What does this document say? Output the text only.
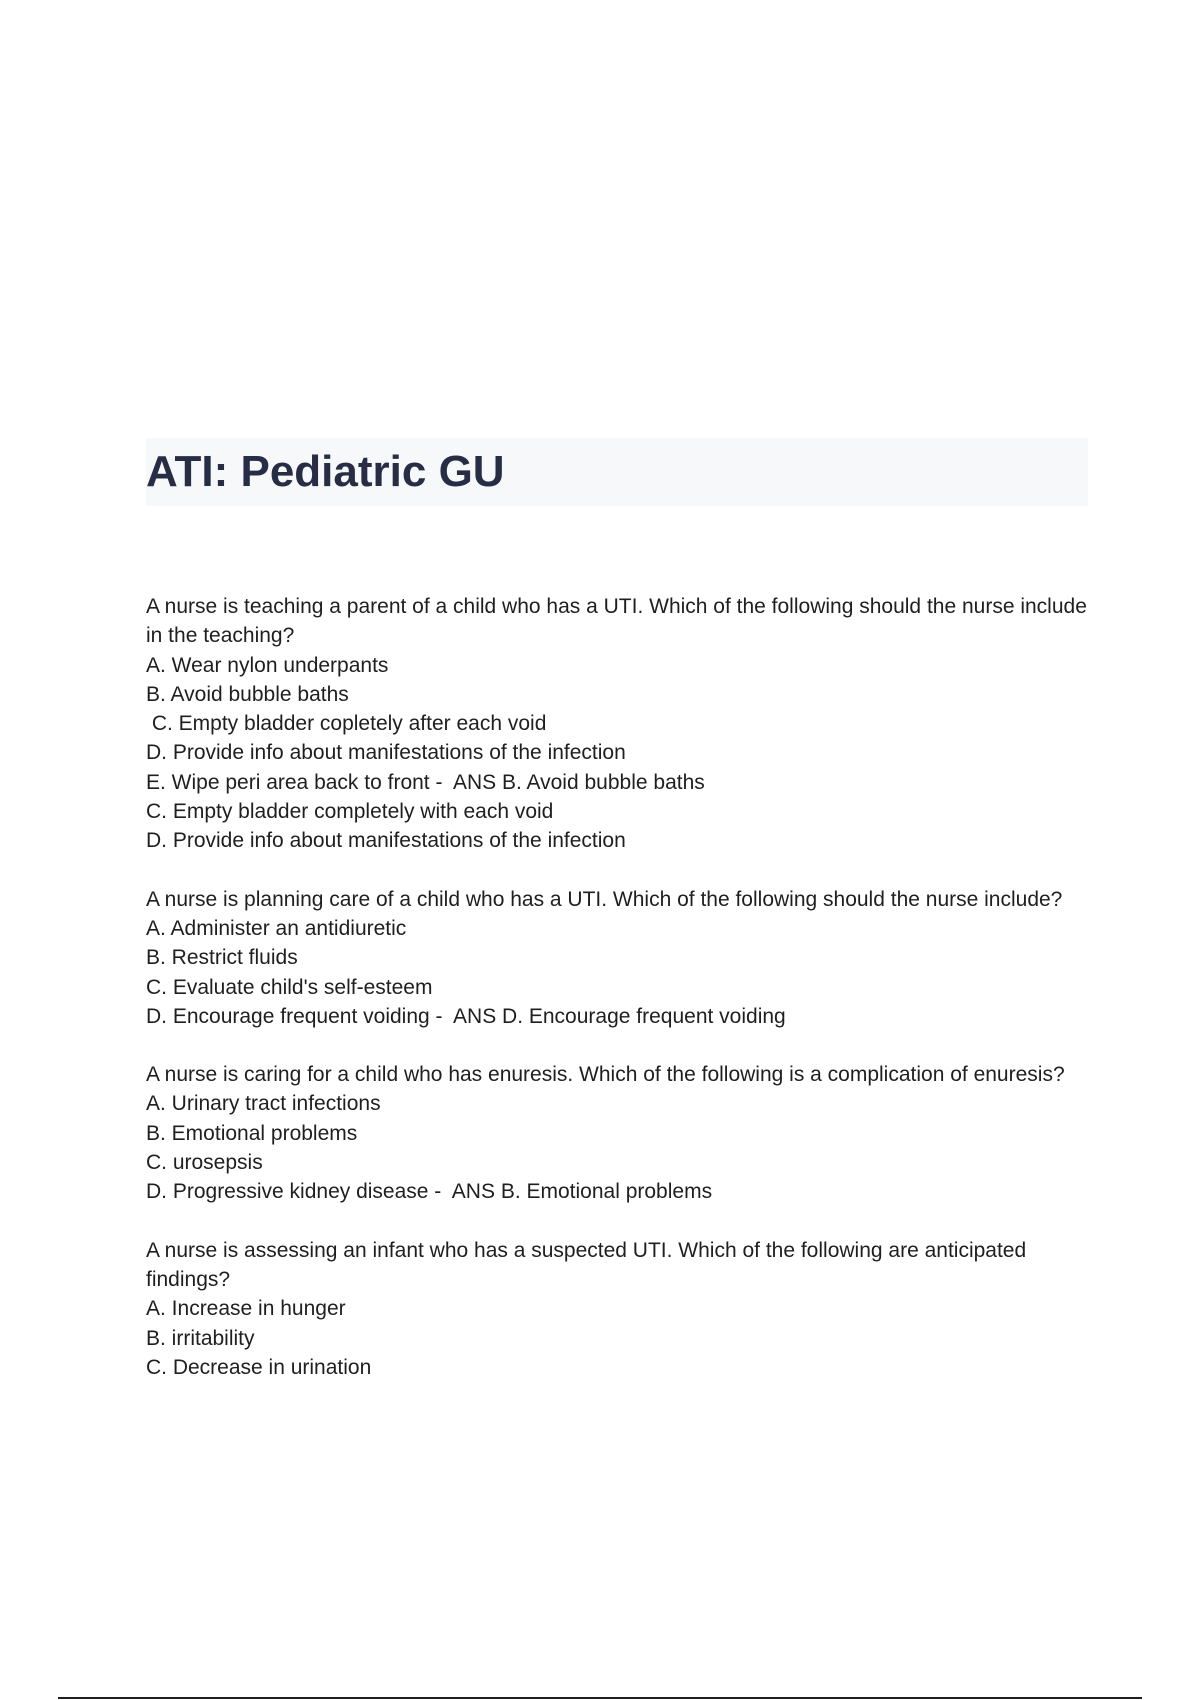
ATI: Pediatric GU
A nurse is teaching a parent of a child who has a UTI. Which of the following should the nurse include in the teaching?
A. Wear nylon underpants
B. Avoid bubble baths
C. Empty bladder copletely after each void
D. Provide info about manifestations of the infection
E. Wipe peri area back to front -  ANS B. Avoid bubble baths
C. Empty bladder completely with each void
D. Provide info about manifestations of the infection
A nurse is planning care of a child who has a UTI. Which of the following should the nurse include?
A. Administer an antidiuretic
B. Restrict fluids
C. Evaluate child's self-esteem
D. Encourage frequent voiding -  ANS D. Encourage frequent voiding
A nurse is caring for a child who has enuresis. Which of the following is a complication of enuresis?
A. Urinary tract infections
B. Emotional problems
C. urosepsis
D. Progressive kidney disease -  ANS B. Emotional problems
A nurse is assessing an infant who has a suspected UTI. Which of the following are anticipated findings?
A. Increase in hunger
B. irritability
C. Decrease in urination
